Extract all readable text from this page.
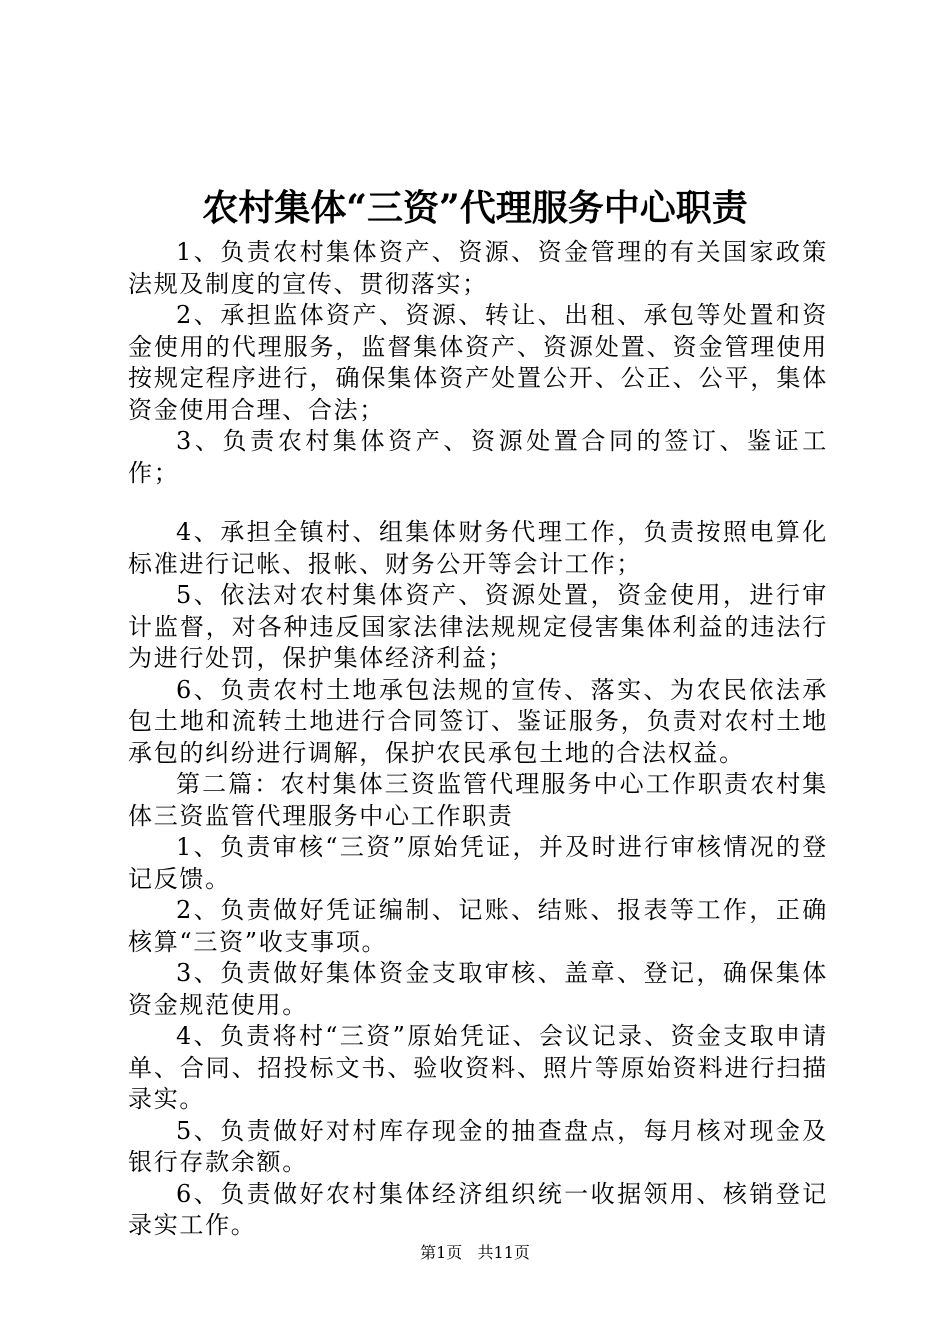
农村集体“三资”代理服务中心职责

1、负责农村集体资产、资源、资金管理的有关国家政策法规及制度的宣传、贯彻落实；

2、承担监体资产、资源、转让、出租、承包等处置和资金使用的代理服务，监督集体资产、资源处置、资金管理使用按规定程序进行，确保集体资产处置公开、公正、公平，集体资金使用合理、合法；

3、负责农村集体资产、资源处置合同的签订、鉴证工作；

4、承担全镇村、组集体财务代理工作，负责按照电算化标准进行记帐、报帐、财务公开等会计工作；

5、依法对农村集体资产、资源处置，资金使用，进行审计监督，对各种违反国家法律法规规定侵害集体利益的违法行为进行处罚，保护集体经济利益；

6、负责农村土地承包法规的宣传、落实、为农民依法承包土地和流转土地进行合同签订、鉴证服务，负责对农村土地承包的纠纷进行调解，保护农民承包土地的合法权益。

第二篇：农村集体三资监管代理服务中心工作职责农村集体三资监管代理服务中心工作职责

1、负责审核“三资”原始凭证，并及时进行审核情况的登记反馈。

2、负责做好凭证编制、记账、结账、报表等工作，正确核算“三资”收支事项。

3、负责做好集体资金支取审核、盖章、登记，确保集体资金规范使用。

4、负责将村“三资”原始凭证、会议记录、资金支取申请单、合同、招投标文书、验收资料、照片等原始资料进行扫描录实。

5、负责做好对村库存现金的抽查盘点，每月核对现金及银行存款余额。

6、负责做好农村集体经济组织统一收据领用、核销登记录实工作。

第1页 共11页
